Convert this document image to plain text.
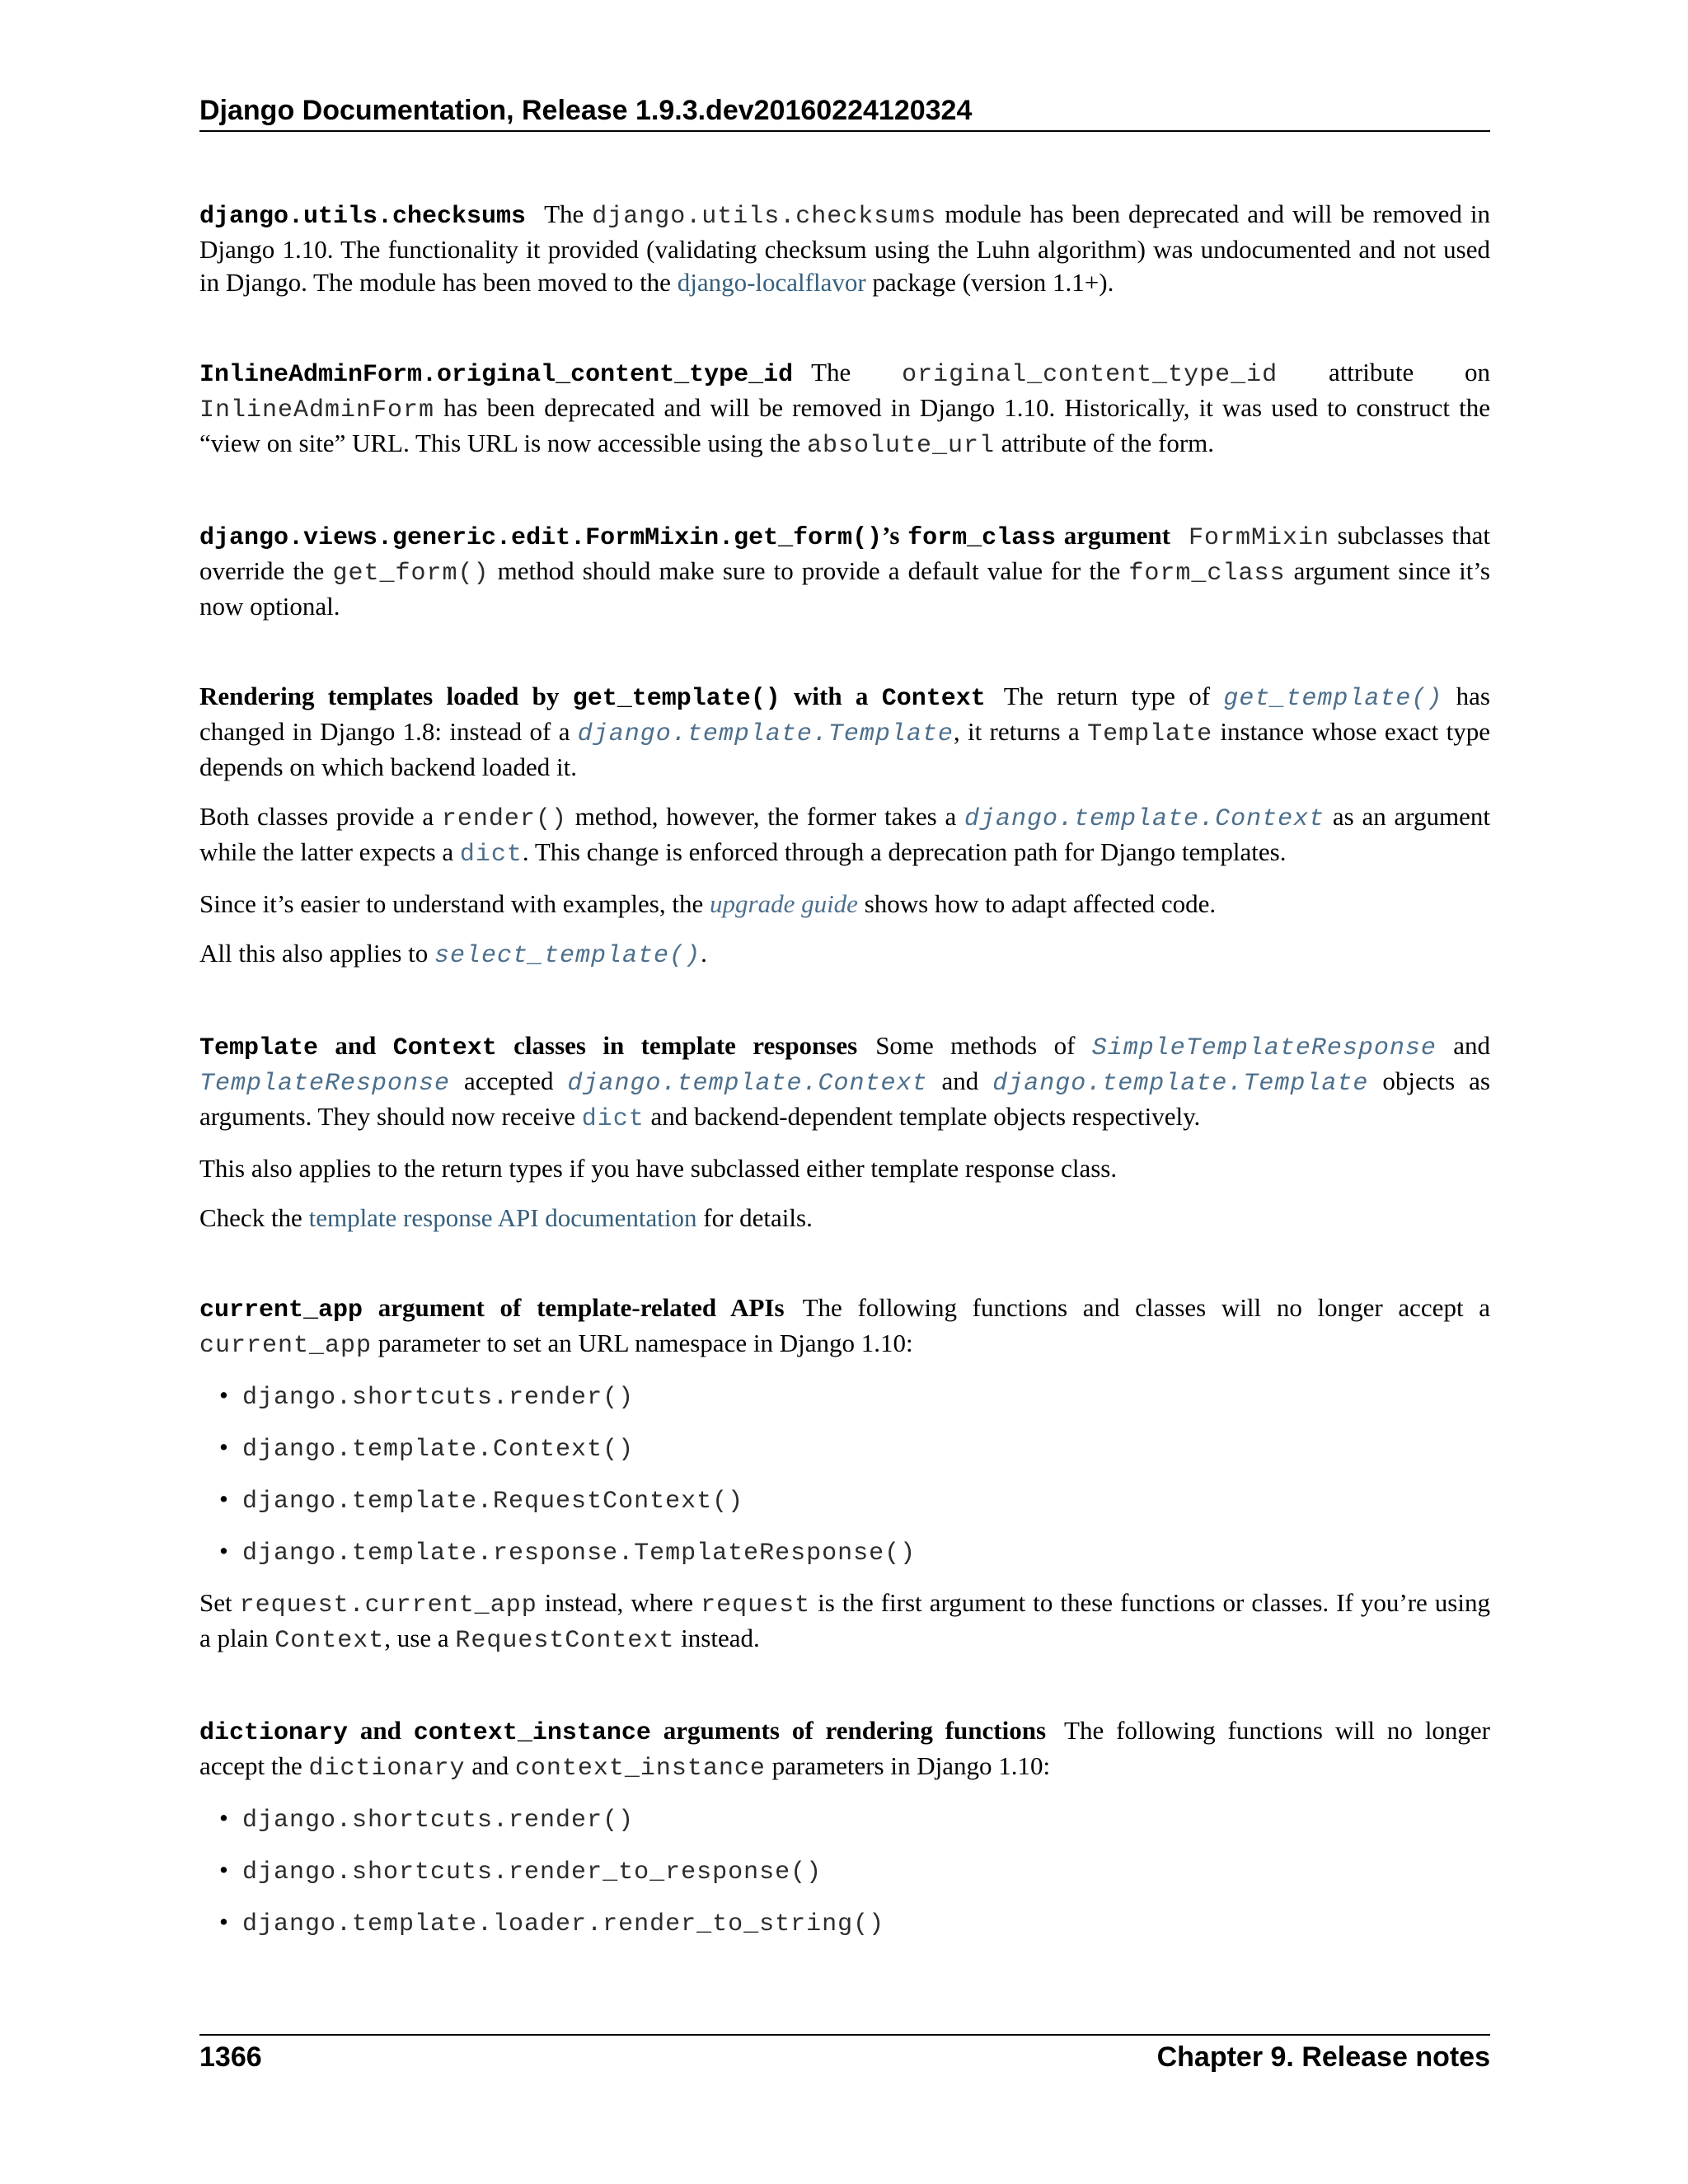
Django Documentation, Release 1.9.3.dev20160224120324

django.utils.checksums The django.utils.checksums module has been deprecated and will be removed in Django 1.10. The functionality it provided (validating checksum using the Luhn algorithm) was undocumented and not used in Django. The module has been moved to the django-localflavor package (version 1.1+).

InlineAdminForm.original_content_type_id The original_content_type_id attribute on InlineAdminForm has been deprecated and will be removed in Django 1.10. Historically, it was used to construct the “view on site” URL. This URL is now accessible using the absolute_url attribute of the form.

django.views.generic.edit.FormMixin.get_form()’s form_class argument FormMixin subclasses that override the get_form() method should make sure to provide a default value for the form_class argument since it’s now optional.

Rendering templates loaded by get_template() with a Context The return type of get_template() has changed in Django 1.8: instead of a django.template.Template, it returns a Template instance whose exact type depends on which backend loaded it.

Both classes provide a render() method, however, the former takes a django.template.Context as an argument while the latter expects a dict. This change is enforced through a deprecation path for Django templates.

Since it’s easier to understand with examples, the upgrade guide shows how to adapt affected code.

All this also applies to select_template().

Template and Context classes in template responses Some methods of SimpleTemplateResponse and TemplateResponse accepted django.template.Context and django.template.Template objects as arguments. They should now receive dict and backend-dependent template objects respectively.

This also applies to the return types if you have subclassed either template response class.

Check the template response API documentation for details.

current_app argument of template-related APIs The following functions and classes will no longer accept a current_app parameter to set an URL namespace in Django 1.10:

• django.shortcuts.render()
• django.template.Context()
• django.template.RequestContext()
• django.template.response.TemplateResponse()

Set request.current_app instead, where request is the first argument to these functions or classes. If you’re using a plain Context, use a RequestContext instead.

dictionary and context_instance arguments of rendering functions The following functions will no longer accept the dictionary and context_instance parameters in Django 1.10:

• django.shortcuts.render()
• django.shortcuts.render_to_response()
• django.template.loader.render_to_string()
1366	Chapter 9. Release notes
